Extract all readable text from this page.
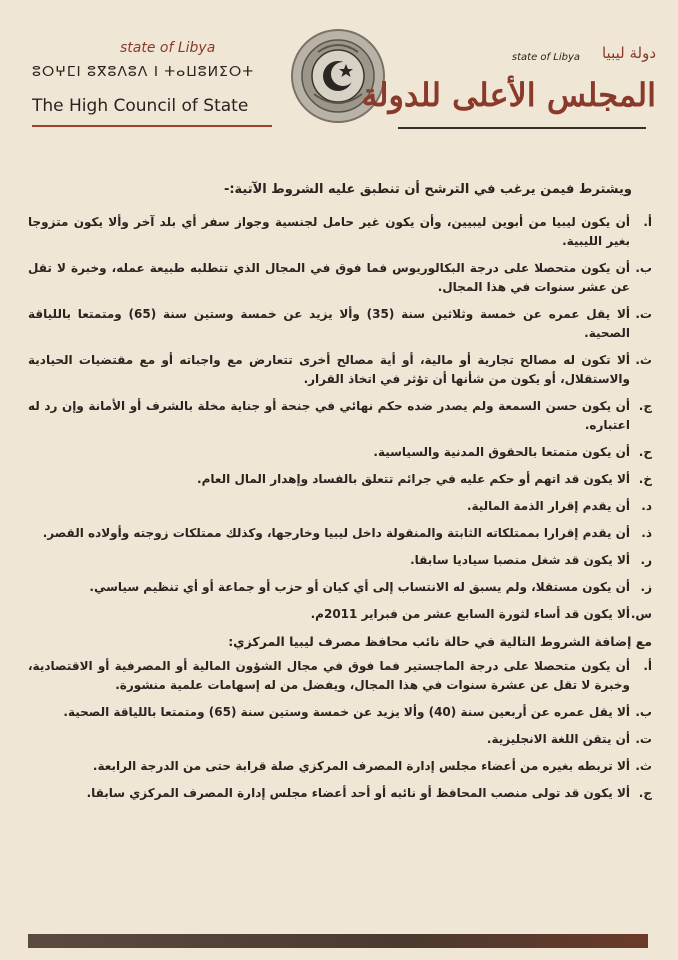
state of Libya
ⵓⵔⵖⵎⵏ ⵓⴳⵓⴷⵓⴷ ⵏ ⵜⴰⵡⵓⵍⵉⵔⵜ
The High Council of State
دولة ليبيا
state of Libya
المجلس الأعلى للدولة
ويشترط فيمن يرغب في الترشح أن تنطبق عليه الشروط الآتية:-
أ.
أن يكون ليبيا من أبوين ليبيين، وأن يكون غير حامل لجنسية وجواز سفر أي بلد آخر وألا يكون متزوجا بغير الليبية.
ب.
أن يكون متحصلا على درجة البكالوريوس فما فوق في المجال الذي تتطلبه طبيعة عمله، وخبرة لا تقل عن عشر سنوات في هذا المجال.
ت.
ألا يقل عمره عن خمسة وثلاثين سنة (35) وألا يزيد عن خمسة وستين سنة (65) ومتمتعا باللياقة الصحية.
ث.
ألا تكون له مصالح تجارية أو مالية، أو أية مصالح أخرى تتعارض مع واجباته أو مع مقتضيات الحيادية والاستقلال، أو يكون من شأنها أن تؤثر في اتخاذ القرار.
ج.
أن يكون حسن السمعة ولم يصدر ضده حكم نهائي في جنحة أو جناية مخلة بالشرف أو الأمانة وإن رد له اعتباره.
ح.
أن يكون متمتعا بالحقوق المدنية والسياسية.
خ.
ألا يكون قد اتهم أو حكم عليه في جرائم تتعلق بالفساد وإهدار المال العام.
د.
أن يقدم إقرار الذمة المالية.
ذ.
أن يقدم إقرارا بممتلكاته الثابتة والمنقولة داخل ليبيا وخارجها، وكذلك ممتلكات زوجته وأولاده القصر.
ر.
ألا يكون قد شغل منصبا سياديا سابقا.
ز.
أن يكون مستقلا، ولم يسبق له الانتساب إلى أي كيان أو حزب أو جماعة أو أي تنظيم سياسي.
س.
ألا يكون قد أساء لثورة السابع عشر من فبراير 2011م.
مع إضافة الشروط التالية في حالة نائب محافظ مصرف ليبيا المركزي:
أ.
أن يكون متحصلا على درجة الماجستير فما فوق في مجال الشؤون المالية أو المصرفية أو الاقتصادية، وخبرة لا تقل عن عشرة سنوات في هذا المجال، ويفضل من له إسهامات علمية منشورة.
ب.
ألا يقل عمره عن أربعين سنة (40) وألا يزيد عن خمسة وستين سنة (65) ومتمتعا باللياقة الصحية.
ت.
أن يتقن اللغة الانجليزية.
ث.
ألا تربطه بغيره من أعضاء مجلس إدارة المصرف المركزي صلة قرابة حتى من الدرجة الرابعة.
ج.
ألا يكون قد تولى منصب المحافظ أو نائبه أو أحد أعضاء مجلس إدارة المصرف المركزي سابقا.
